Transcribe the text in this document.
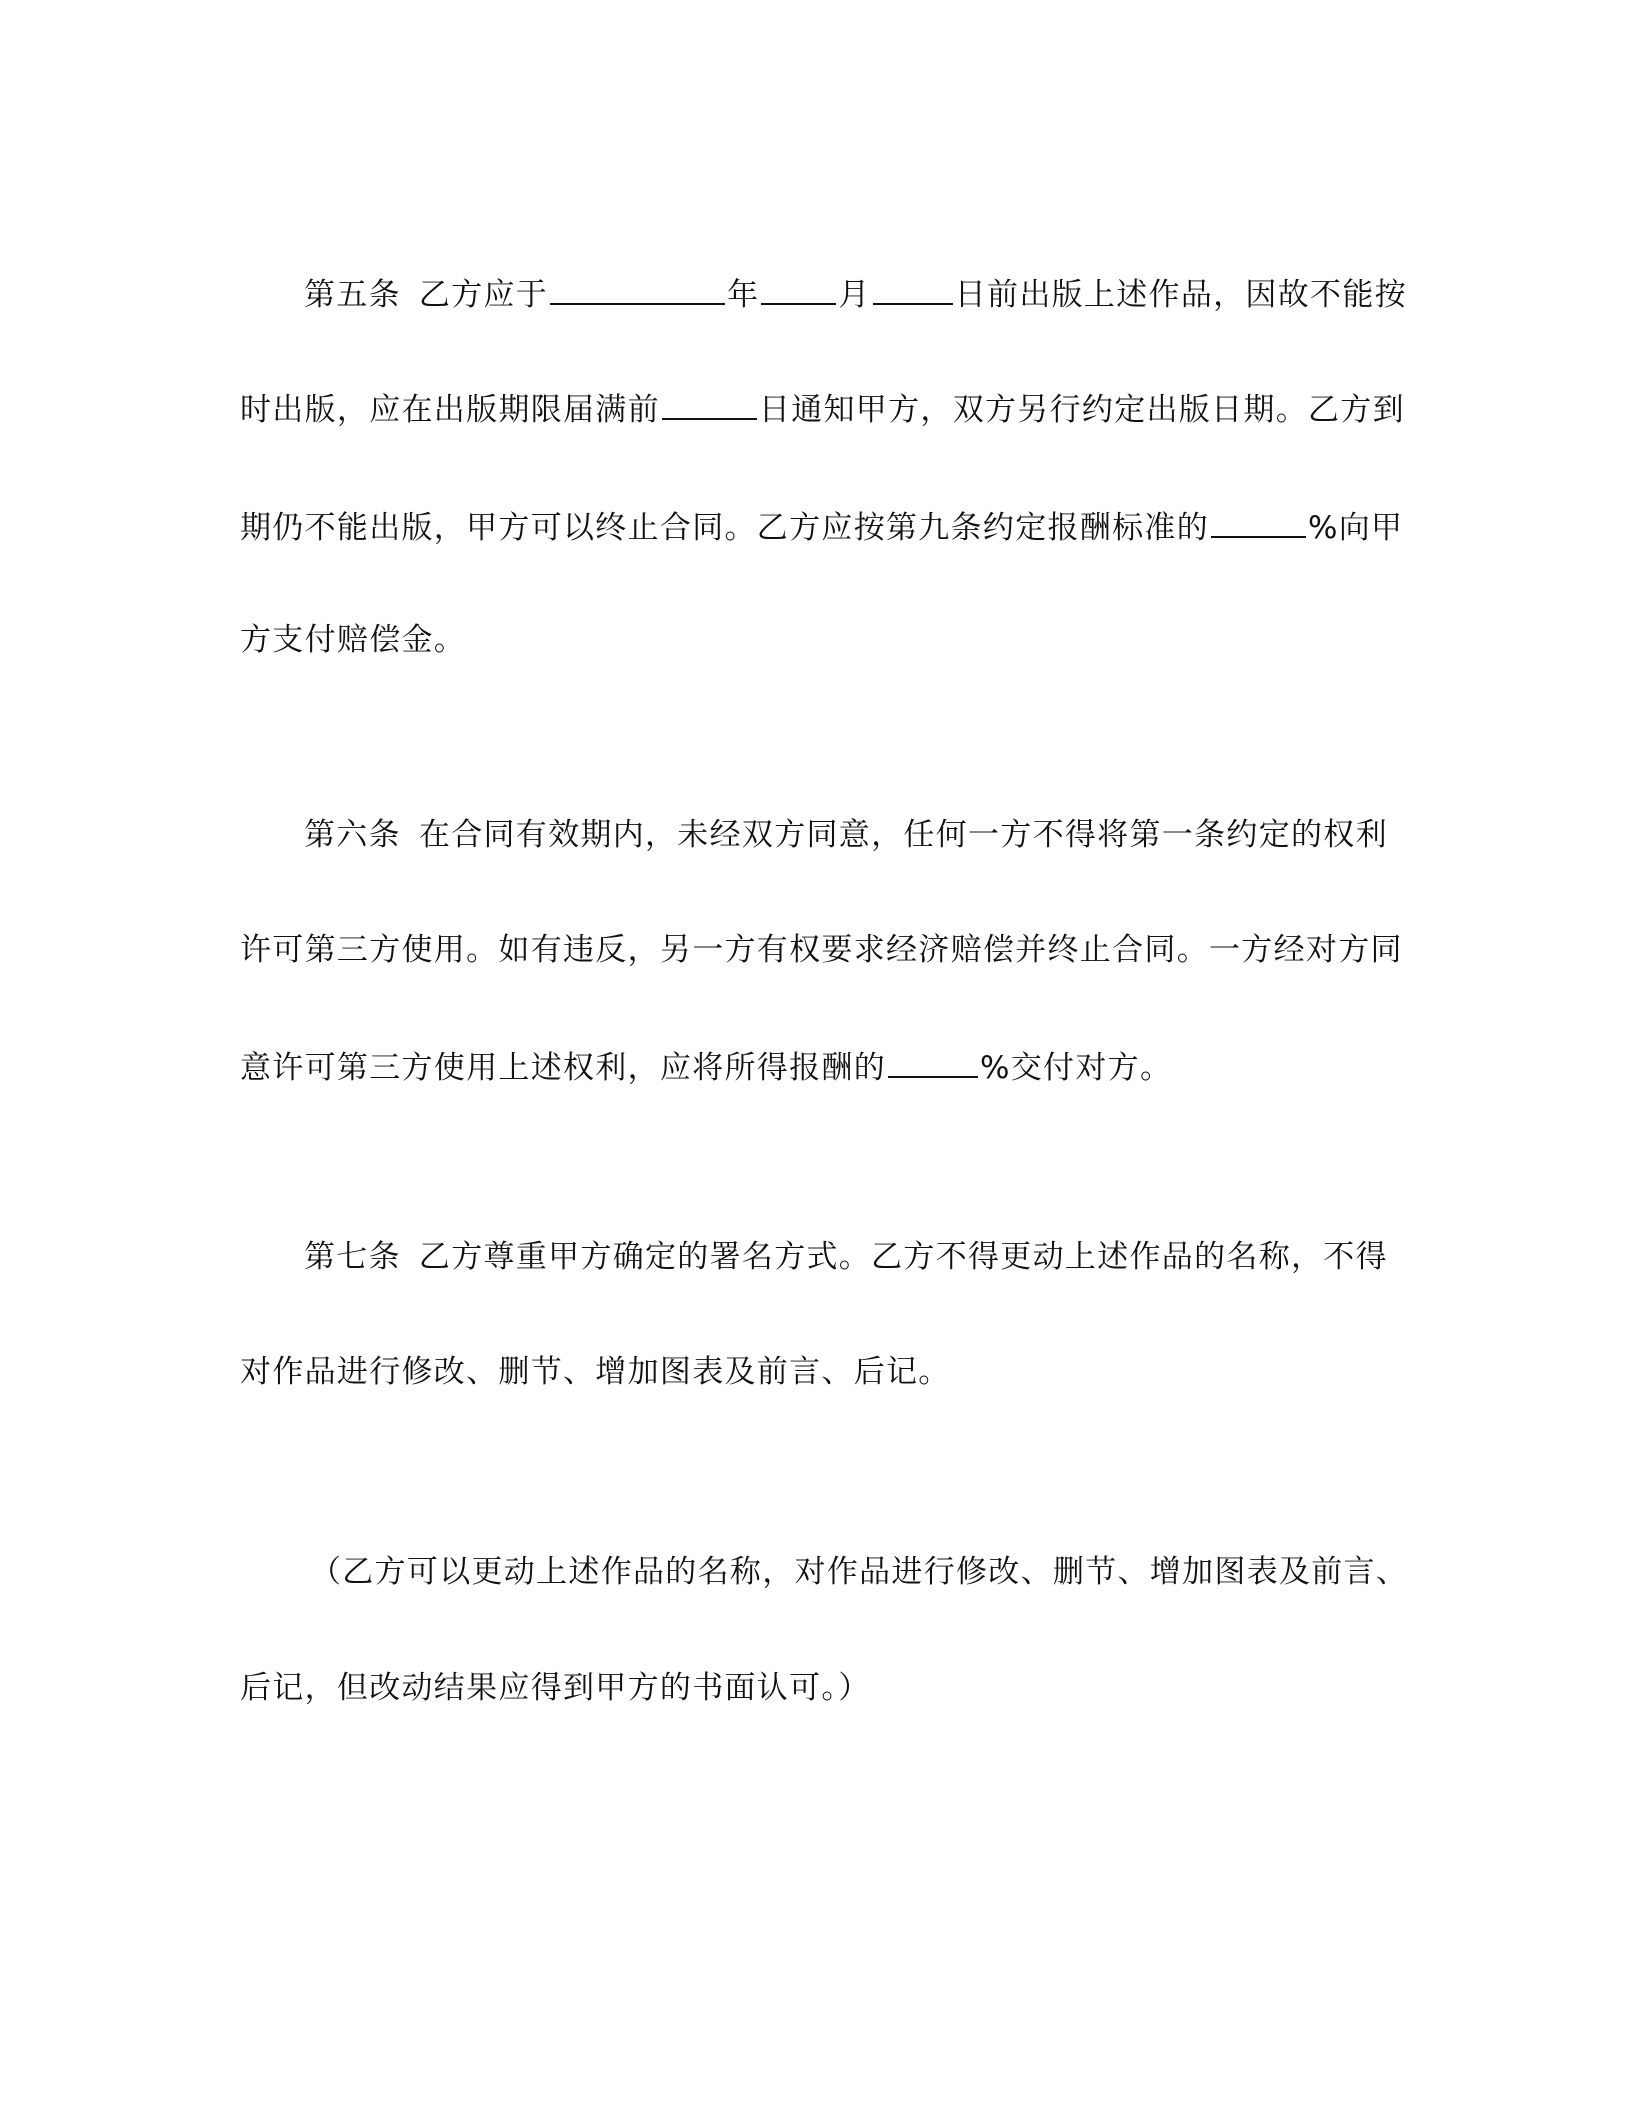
第五条 乙方应于	年	月	日前出版上述作品，因故不能按
时出版，应在出版期限届满前	日通知甲方，双方另行约定出版日期。乙方到
期仍不能出版，甲方可以终止合同。乙方应按第九条约定报酬标准的	%向甲
方支付赔偿金。
第六条 在合同有效期内，未经双方同意，任何一方不得将第一条约定的权利
许可第三方使用。如有违反，另一方有权要求经济赔偿并终止合同。一方经对方同
意许可第三方使用上述权利，应将所得报酬的	%交付对方。
第七条 乙方尊重甲方确定的署名方式。乙方不得更动上述作品的名称，不得
对作品进行修改、删节、增加图表及前言、后记。
（乙方可以更动上述作品的名称，对作品进行修改、删节、增加图表及前言、
后记，但改动结果应得到甲方的书面认可。）
